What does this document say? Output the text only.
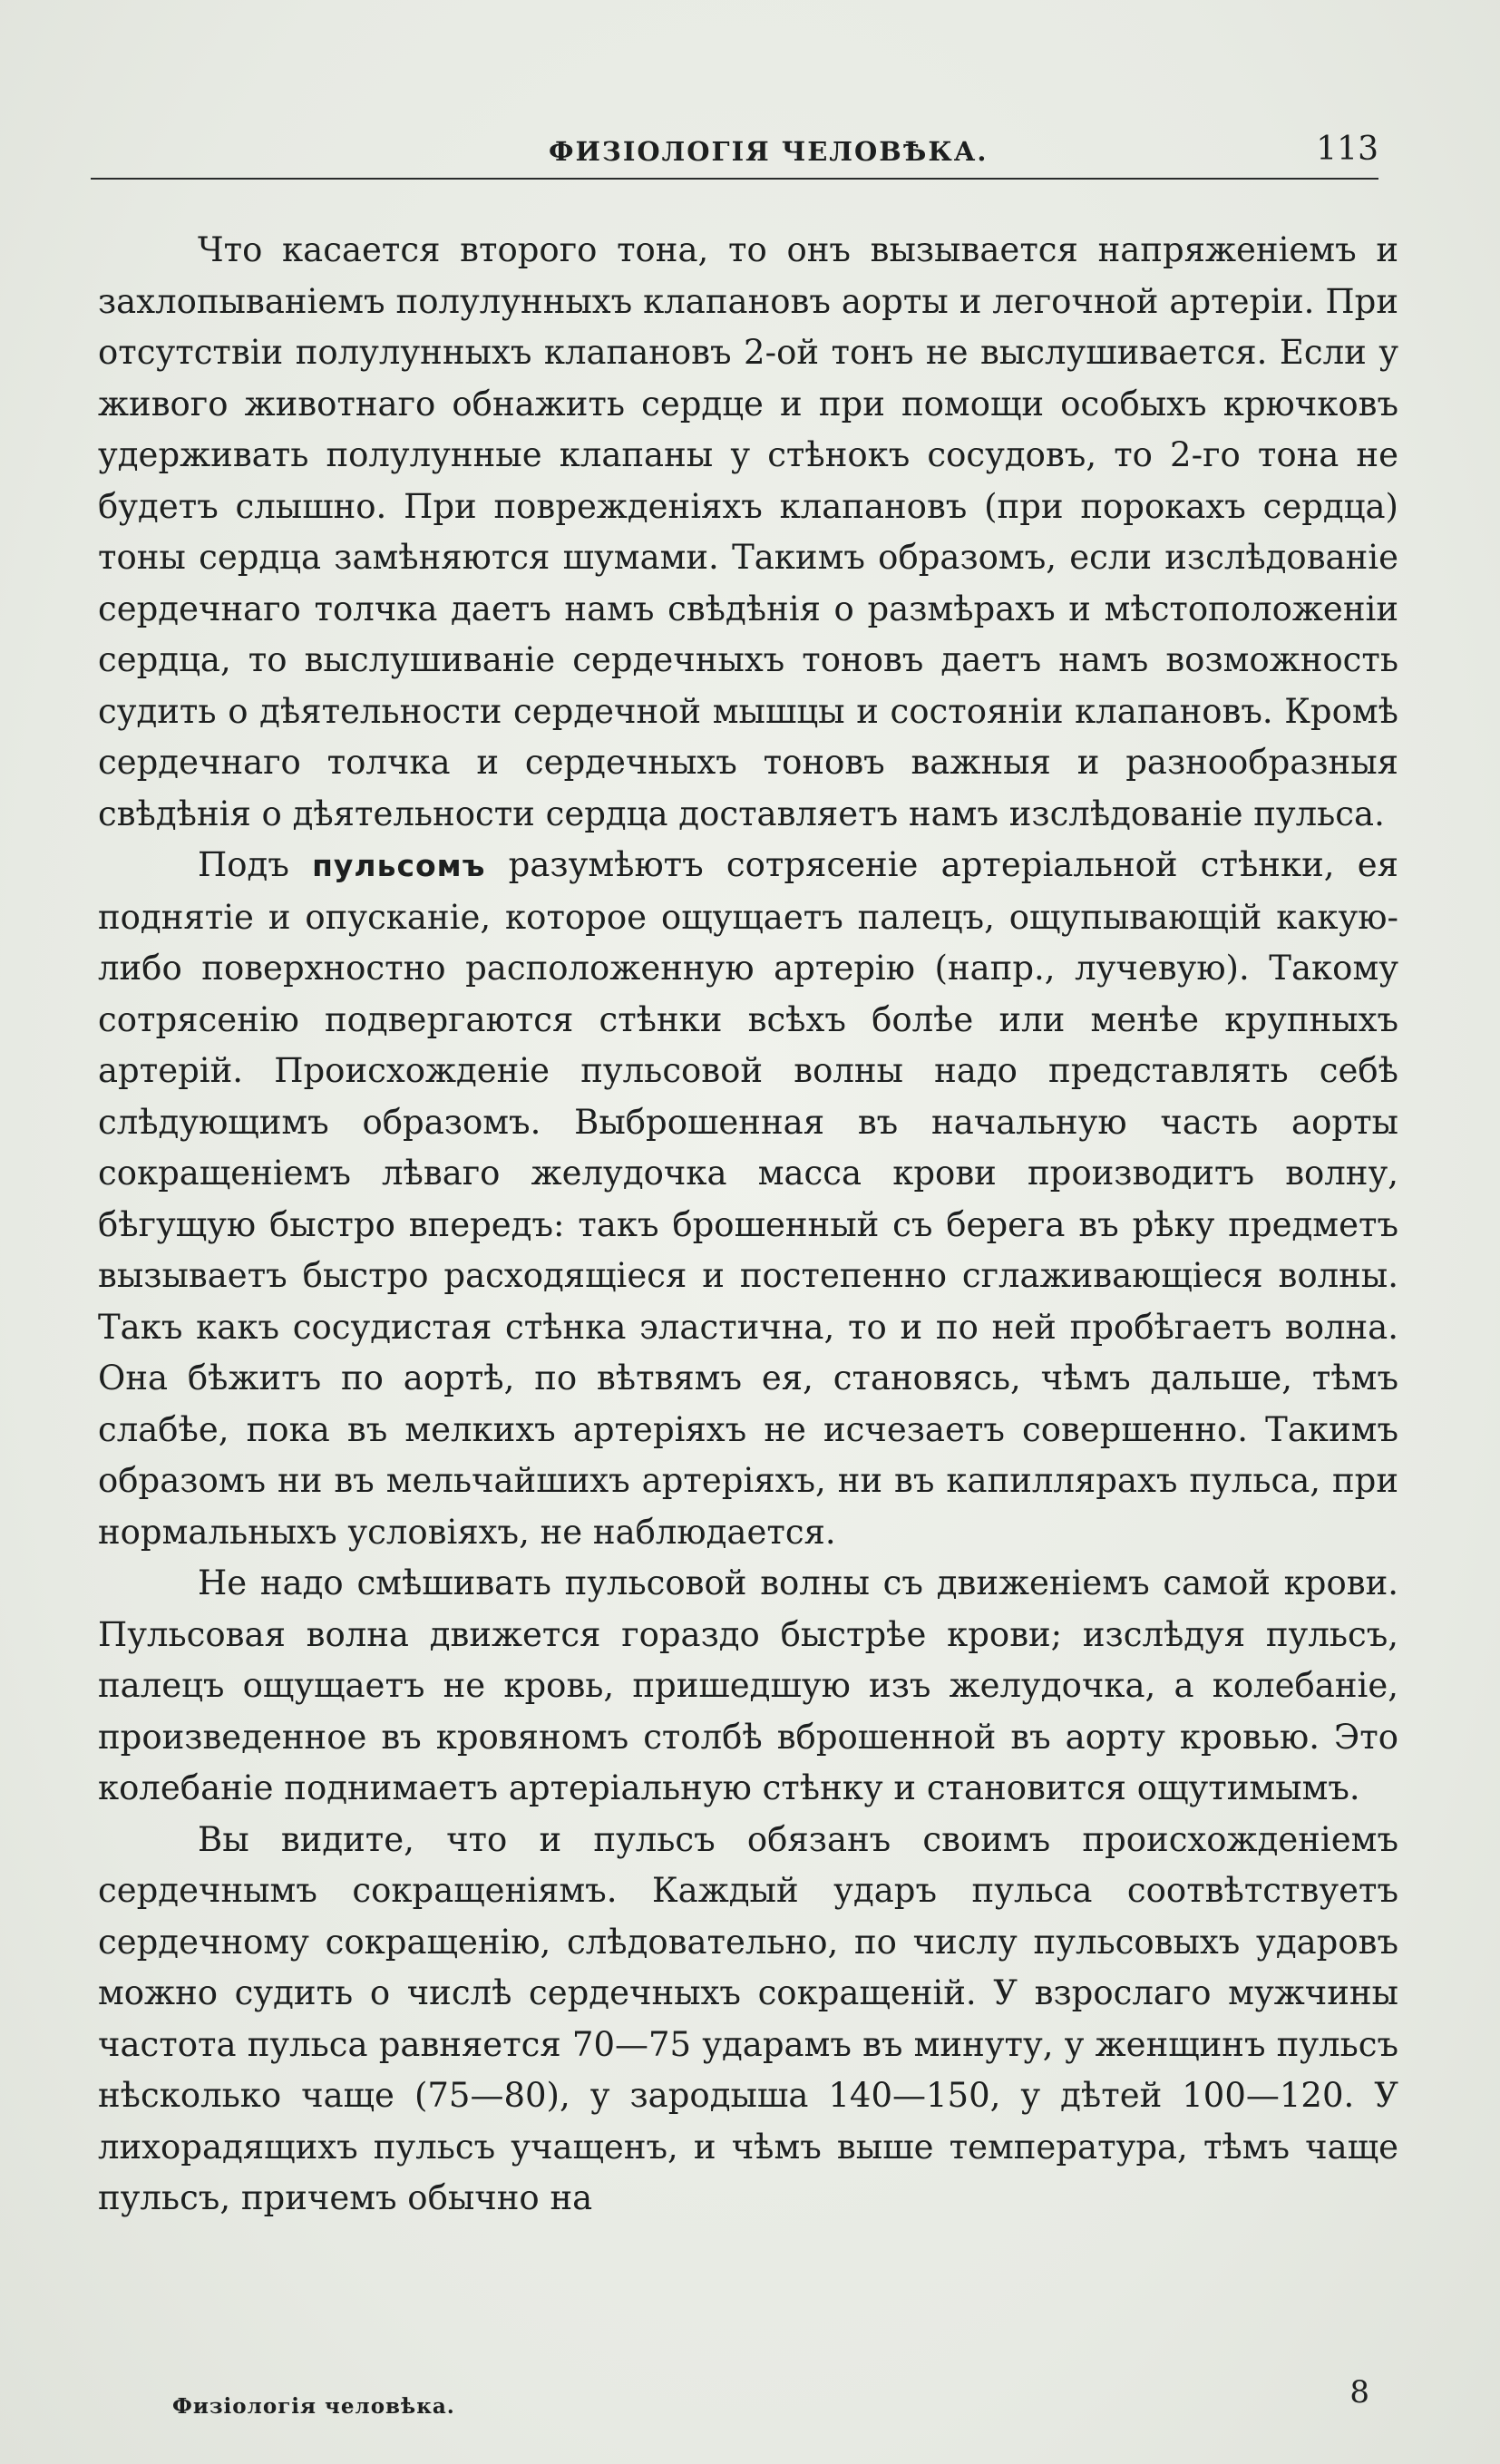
ФИЗIОЛОГIЯ ЧЕЛОВѢКА.	113

Что касается второго тона, то онъ вызывается напряженiемъ и захлопыванiемъ полулунныхъ клапановъ аорты и легочной артерiи. При отсутствiи полулунныхъ клапановъ 2-ой тонъ не выслушивается. Если у живого животнаго обнажить сердце и при помощи особыхъ крючковъ удерживать полулунные клапаны у стѣнокъ сосудовъ, то 2-го тона не будетъ слышно. При поврежденiяхъ клапановъ (при порокахъ сердца) тоны сердца замѣняются шумами. Такимъ образомъ, если изслѣдованiе сердечнаго толчка даетъ намъ свѣдѣнiя о размѣрахъ и мѣстоположенiи сердца, то выслушиванiе сердечныхъ тоновъ даетъ намъ возможность судить о дѣятельности сердечной мышцы и состоянiи клапановъ. Кромѣ сердечнаго толчка и сердечныхъ тоновъ важныя и разнообразныя свѣдѣнiя о дѣятельности сердца доставляетъ намъ изслѣдованiе пульса.

Подъ пульсомъ разумѣютъ сотрясенiе артерiальной стѣнки, ея поднятiе и опусканiе, которое ощущаетъ палецъ, ощупывающiй какую-либо поверхностно расположенную артерiю (напр., лучевую). Такому сотрясенiю подвергаются стѣнки всѣхъ болѣе или менѣе крупныхъ артерiй. Происхожденiе пульсовой волны надо представлять себѣ слѣдующимъ образомъ. Выброшенная въ начальную часть аорты сокращенiемъ лѣваго желудочка масса крови производитъ волну, бѣгущую быстро впередъ: такъ брошенный съ берега въ рѣку предметъ вызываетъ быстро расходящiеся и постепенно сглаживающiеся волны. Такъ какъ сосудистая стѣнка эластична, то и по ней пробѣгаетъ волна. Она бѣжитъ по аортѣ, по вѣтвямъ ея, становясь, чѣмъ дальше, тѣмъ слабѣе, пока въ мелкихъ артерiяхъ не исчезаетъ совершенно. Такимъ образомъ ни въ мельчайшихъ артерiяхъ, ни въ капиллярахъ пульса, при нормальныхъ условiяхъ, не наблюдается.

Не надо смѣшивать пульсовой волны съ движенiемъ самой крови. Пульсовая волна движется гораздо быстрѣе крови; изслѣдуя пульсъ, палецъ ощущаетъ не кровь, пришедшую изъ желудочка, а колебанiе, произведенное въ кровяномъ столбѣ вброшенной въ аорту кровью. Это колебанiе поднимаетъ артерiальную стѣнку и становится ощутимымъ.

Вы видите, что и пульсъ обязанъ своимъ происхожденiемъ сердечнымъ сокращенiямъ. Каждый ударъ пульса соотвѣтствуетъ сердечному сокращенiю, слѣдовательно, по числу пульсовыхъ ударовъ можно судить о числѣ сердечныхъ сокращенiй. У взрослаго мужчины частота пульса равняется 70—75 ударамъ въ минуту, у женщинъ пульсъ нѣсколько чаще (75—80), у зародыша 140—150, у дѣтей 100—120. У лихорадящихъ пульсъ учащенъ, и чѣмъ выше температура, тѣмъ чаще пульсъ, причемъ обычно на

Физiологiя человѣка.	8
